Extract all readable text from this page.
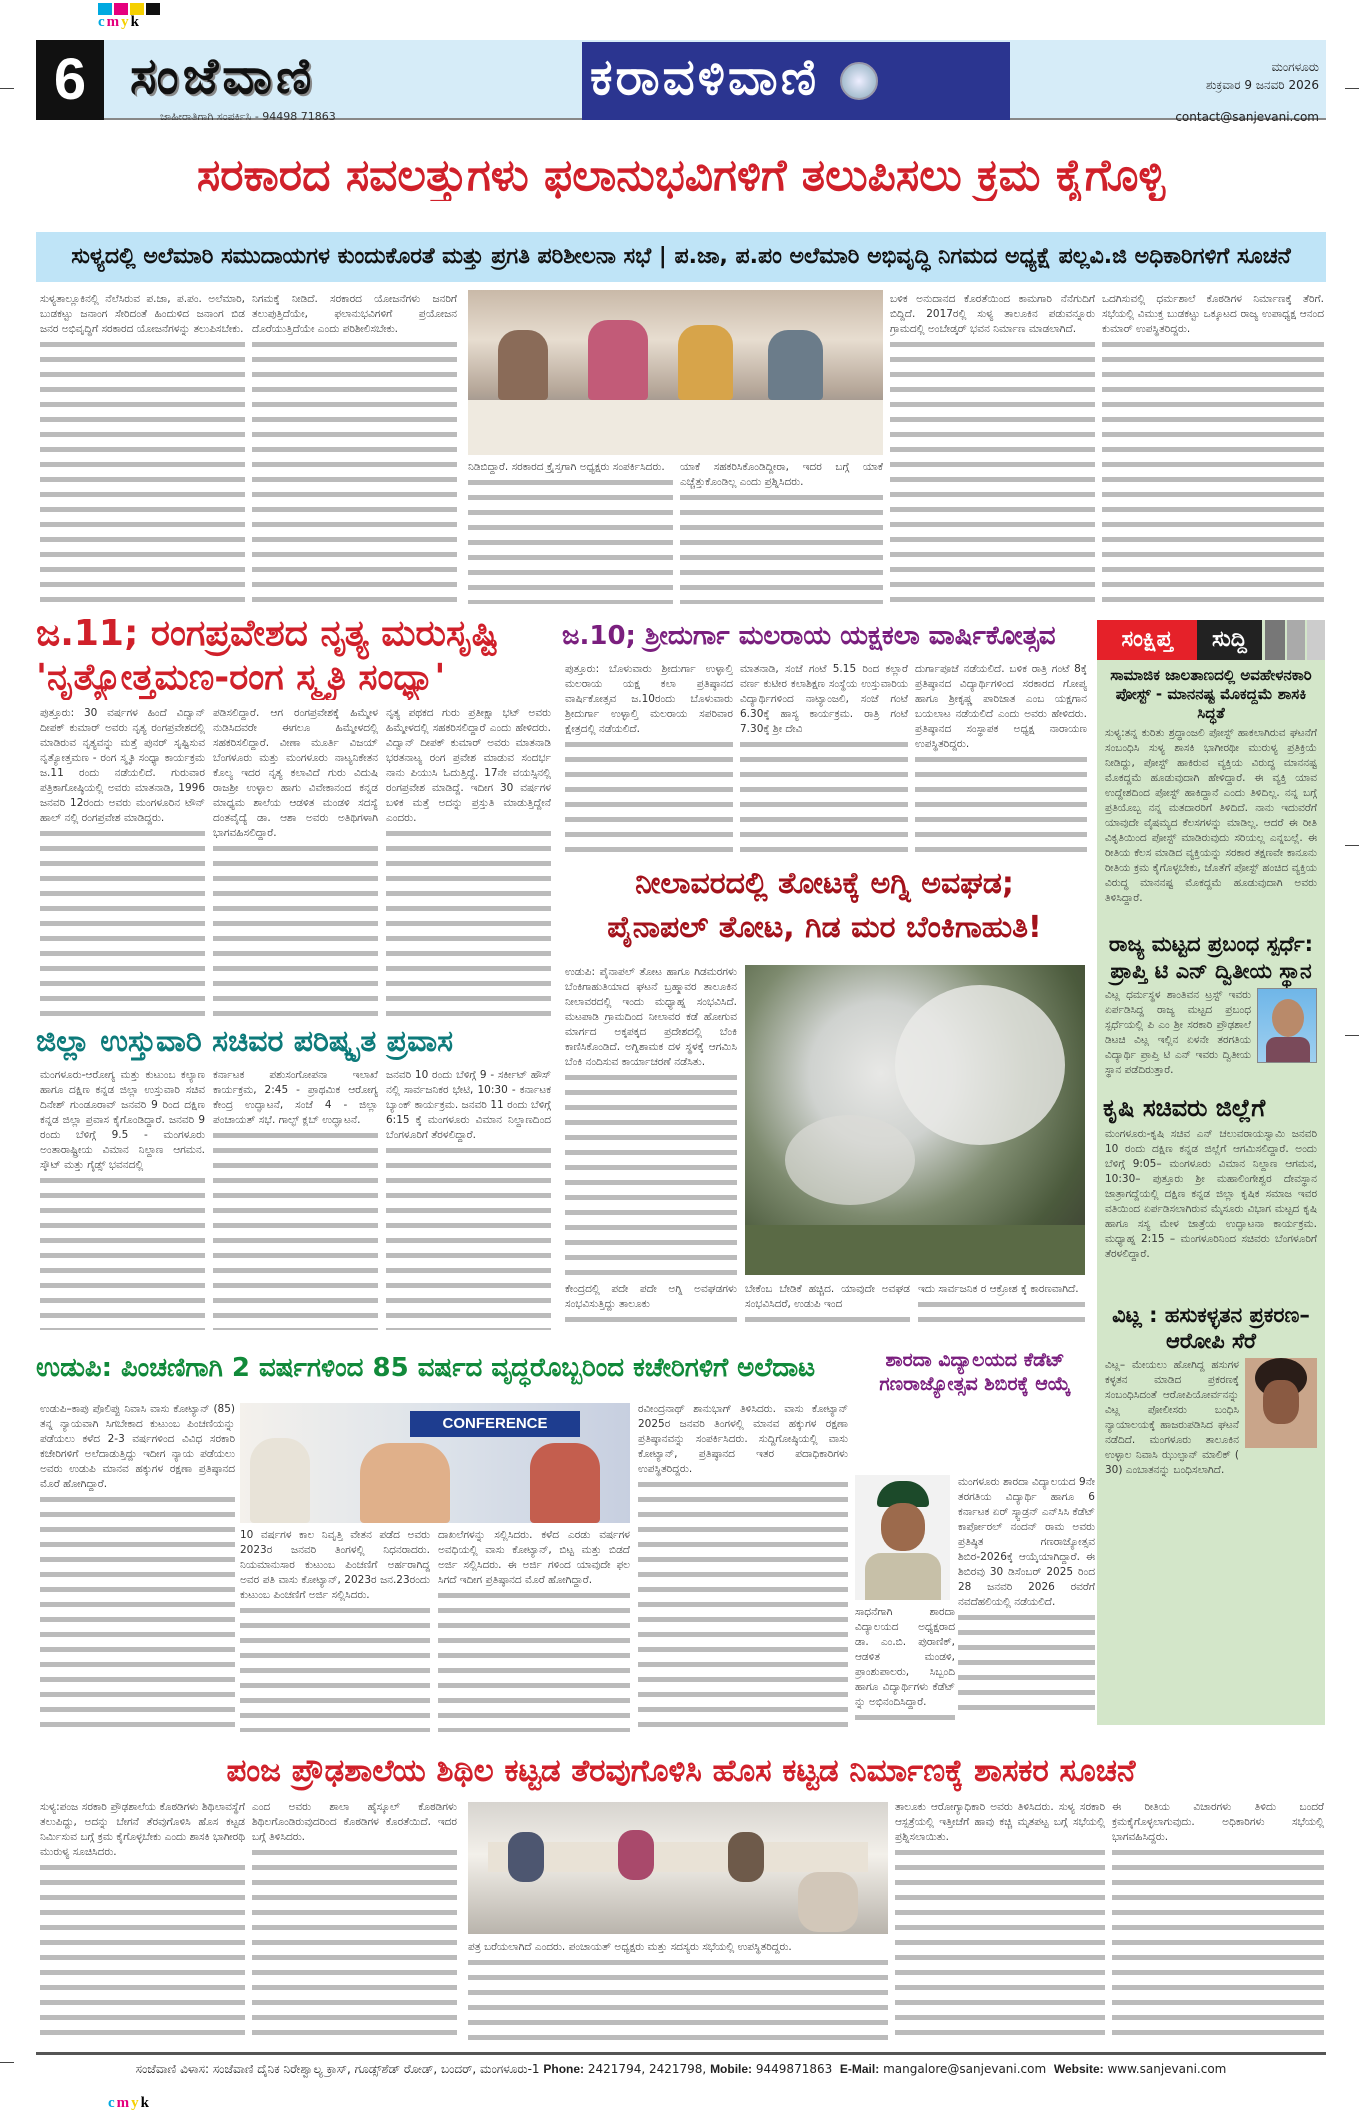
cmyk
cmyk
6 ಸಂಜೆವಾಣಿ
ಜಾಹೀರಾತಿಗಾಗಿ ಸಂಪರ್ಕಿಸಿ - 94498 71863
ಕರಾವಳಿವಾಣಿ	ಮಂಗಳೂರು
ಶುಕ್ರವಾರ 9 ಜನವರಿ 2026
contact@sanjevani.com
ಸರಕಾರದ ಸವಲತ್ತುಗಳು ಫಲಾನುಭವಿಗಳಿಗೆ ತಲುಪಿಸಲು ಕ್ರಮ ಕೈಗೊಳ್ಳಿ
ಸುಳ್ಯದಲ್ಲಿ ಅಲೆಮಾರಿ ಸಮುದಾಯಗಳ ಕುಂದುಕೊರತೆ ಮತ್ತು ಪ್ರಗತಿ ಪರಿಶೀಲನಾ ಸಭೆ | ಪ.ಜಾ, ಪ.ಪಂ ಅಲೆಮಾರಿ ಅಭಿವೃದ್ಧಿ ನಿಗಮದ ಅಧ್ಯಕ್ಷೆ ಪಲ್ಲವಿ.ಜಿ ಅಧಿಕಾರಿಗಳಿಗೆ ಸೂಚನೆ
ಸುಳ್ಯತಾಲ್ಲೂಕಿನಲ್ಲಿ ನೆಲೆಸಿರುವ ಪ.ಜಾ, ಪ.ಪಂ. ಅಲೆಮಾರಿ, ಬುಡಕಟ್ಟು ಜನಾಂಗ ಸೇರಿದಂತೆ ಹಿಂದುಳಿದ ಜನಾಂಗ ಬಿಡ ಜನರ ಅಭಿವೃದ್ಧಿಗೆ ಸರಕಾರದ ಯೋಜನೆಗಳನ್ನು ತಲುಪಿಸಬೇಕು.
ನಿಗಮಕ್ಕೆ ನೀಡಿದೆ. ಸರಕಾರದ ಯೋಜನೆಗಳು ಜನರಿಗೆ ತಲುಪುತ್ತಿದೆಯೇ, ಫಲಾನುಭವಿಗಳಿಗೆ ಪ್ರಯೋಜನ ದೊರೆಯುತ್ತಿದೆಯೇ ಎಂದು ಪರಿಶೀಲಿಸಬೇಕು.
ನಿಡಿಬಿದ್ದಾರೆ. ಸರಕಾರದ ಕ್ರೈಸ್ತಗಾಗಿ ಅಧ್ಯಕ್ಷರು ಸಂಪರ್ಕಿಸಿದರು.	ಯಾಕೆ ಸಹಕರಿಸಿಕೊಂಡಿದ್ದೀರಾ, ಇದರ ಬಗ್ಗೆ ಯಾಕೆ ಎಚ್ಚೆತ್ತುಕೊಂಡಿಲ್ಲ ಎಂದು ಪ್ರಶ್ನಿಸಿದರು.
ಬಳಿಕ ಅನುದಾನದ ಕೊರತೆಯಿಂದ ಕಾಮಗಾರಿ ನೆನೆಗುದಿಗೆ ಬಿದ್ದಿದೆ. 2017ರಲ್ಲಿ ಸುಳ್ಯ ತಾಲೂಕಿನ ಪಡುವನ್ನೂರು ಗ್ರಾಮದಲ್ಲಿ ಅಂಬೇಡ್ಕರ್ ಭವನ ನಿರ್ಮಾಣ ಮಾಡಲಾಗಿದೆ.
ಒದಗಿಸುವಲ್ಲಿ ಧರ್ಮಶಾಲೆ ಕೊಠಡಿಗಳ ನಿರ್ಮಾಣಕ್ಕೆ ತೆರಿಗೆ. ಸಭೆಯಲ್ಲಿ ವಿಮುಕ್ತ ಬುಡಕಟ್ಟು ಒಕ್ಕೂಟದ ರಾಜ್ಯ ಉಪಾಧ್ಯಕ್ಷ ಆನಂದ ಕುಮಾರ್ ಉಪಸ್ಥಿತರಿದ್ದರು.
ಜ.11; ರಂಗಪ್ರವೇಶದ ನೃತ್ಯ ಮರುಸೃಷ್ಟಿ
'ನೃತ್ಯೋತ್ತಮಣ-ರಂಗ ಸ್ಮೃತಿ ಸಂಧ್ಯಾ'
ಪುತ್ತೂರು: 30 ವರ್ಷಗಳ ಹಿಂದೆ ವಿದ್ವಾನ್ ದೀಪಕ್ ಕುಮಾರ್ ಅವರು ನೃತ್ಯ ರಂಗಪ್ರವೇಶದಲ್ಲಿ ಮಾಡಿರುವ ನೃತ್ಯವನ್ನು ಮತ್ತೆ ಪುನರ್ ಸೃಷ್ಟಿಸುವ ನೃತ್ಯೋತ್ತಮಣ - ರಂಗ ಸ್ಮೃತಿ ಸಂಧ್ಯಾ ಕಾರ್ಯಕ್ರಮ ಜ.11 ರಂದು ನಡೆಯಲಿದೆ. ಗುರುವಾರ ಪತ್ರಿಕಾಗೋಷ್ಠಿಯಲ್ಲಿ ಅವರು ಮಾತನಾಡಿ, 1996 ಜನವರಿ 12ರಂದು ಅವರು ಮಂಗಳೂರಿನ ಟೌನ್ ಹಾಲ್ ನಲ್ಲಿ ರಂಗಪ್ರವೇಶ ಮಾಡಿದ್ದರು.
ಪಡಿಸಲಿದ್ದಾರೆ. ಆಗ ರಂಗಪ್ರವೇಶಕ್ಕೆ ಹಿಮ್ಮೇಳ ನುಡಿಸಿದವರೇ ಈಗಲೂ ಹಿಮ್ಮೇಳದಲ್ಲಿ ಸಹಕರಿಸಲಿದ್ದಾರೆ. ವೀಣಾ ಮೂರ್ತಿ ವಿಜಯ್ ಬೆಂಗಳೂರು ಮತ್ತು ಮಂಗಳೂರು ನಾಟ್ಯನಿಕೇತನ ಕೊಲ್ಯ ಇದರ ನೃತ್ಯ ಕಲಾವಿದೆ ಗುರು ವಿದುಷಿ ರಾಜಶ್ರೀ ಉಳ್ಳಾಲ ಹಾಗು ವಿವೇಕಾನಂದ ಕನ್ನಡ ಮಾಧ್ಯಮ ಶಾಲೆಯ ಆಡಳಿತ ಮಂಡಳಿ ಸದಸ್ಯೆ ದಂತವೈದ್ಯೆ ಡಾ. ಆಶಾ ಅವರು ಅತಿಥಿಗಳಾಗಿ ಭಾಗವಹಿಸಲಿದ್ದಾರೆ.
ನೃತ್ಯ ಪಥಕದ ಗುರು ಪ್ರತೀಕ್ಷಾ ಭಟ್ ಅವರು ಹಿಮ್ಮೇಳದಲ್ಲಿ ಸಹಕರಿಸಲಿದ್ದಾರೆ ಎಂದು ಹೇಳಿದರು. ವಿದ್ವಾನ್ ದೀಪಕ್ ಕುಮಾರ್ ಅವರು ಮಾತನಾಡಿ ಭರತನಾಟ್ಯ ರಂಗ ಪ್ರವೇಶ ಮಾಡುವ ಸಂದರ್ಭ ನಾನು ಪಿಯುಸಿ ಓದುತ್ತಿದ್ದೆ. 17ನೇ ವಯಸ್ಸಿನಲ್ಲಿ ರಂಗಪ್ರವೇಶ ಮಾಡಿದ್ದೆ. ಇದೀಗ 30 ವರ್ಷಗಳ ಬಳಿಕ ಮತ್ತೆ ಅದನ್ನು ಪ್ರಸ್ತುತಿ ಮಾಡುತ್ತಿದ್ದೇನೆ ಎಂದರು.
ಜ.10; ಶ್ರೀದುರ್ಗಾ ಮಲರಾಯ ಯಕ್ಷಕಲಾ ವಾರ್ಷಿಕೋತ್ಸವ
ಪುತ್ತೂರು: ಬೊಳುವಾರು ಶ್ರೀದುರ್ಗಾ ಉಳ್ಳಾಲ್ತಿ ಮಲರಾಯ ಯಕ್ಷ ಕಲಾ ಪ್ರತಿಷ್ಠಾನದ ವಾರ್ಷಿಕೋತ್ಸವ ಜ.10ರಂದು ಬೊಳುವಾರು ಶ್ರೀದುರ್ಗಾ ಉಳ್ಳಾಲ್ತಿ ಮಲರಾಯ ಸಪರಿವಾರ ಕ್ಷೇತ್ರದಲ್ಲಿ ನಡೆಯಲಿದೆ.
ಮಾತನಾಡಿ, ಸಂಜೆ ಗಂಟೆ 5.15 ರಿಂದ ಕಲ್ಲಾರೆ ವರ್ಣ ಕುಟೀರ ಕಲಾಶಿಕ್ಷಣ ಸಂಸ್ಥೆಯ ಉಸ್ತುವಾರಿಯ ವಿದ್ಯಾರ್ಥಿಗಳಿಂದ ನಾಟ್ಯಾಂಜಲಿ, ಸಂಜೆ ಗಂಟೆ 6.30ಕ್ಕೆ ಹಾಸ್ಯ ಕಾರ್ಯಕ್ರಮ. ರಾತ್ರಿ ಗಂಟೆ 7.30ಕ್ಕೆ ಶ್ರೀ ದೇವಿ
ದುರ್ಗಾಪೂಜೆ ನಡೆಯಲಿದೆ. ಬಳಿಕ ರಾತ್ರಿ ಗಂಟೆ 8ಕ್ಕೆ ಪ್ರತಿಷ್ಠಾನದ ವಿದ್ಯಾರ್ಥಿಗಳಿಂದ ಸರಕಾರದ ಗೋಪ್ಯ ಹಾಗೂ ಶ್ರೀಕೃಷ್ಣ ಪಾರಿಜಾತ ಎಂಬ ಯಕ್ಷಗಾನ ಬಯಲಾಟ ನಡೆಯಲಿದೆ ಎಂದು ಅವರು ಹೇಳಿದರು. ಪ್ರತಿಷ್ಠಾನದ ಸಂಸ್ಥಾಪಕ ಅಧ್ಯಕ್ಷ ನಾರಾಯಣ ಉಪಸ್ಥಿತರಿದ್ದರು.
ನೀಲಾವರದಲ್ಲಿ ತೋಟಕ್ಕೆ ಅಗ್ನಿ ಅವಘಡ;
ಪೈನಾಪಲ್ ತೋಟ, ಗಿಡ ಮರ ಬೆಂಕಿಗಾಹುತಿ!
ಉಡುಪಿ: ಪೈನಾಪಲ್ ತೋಟ ಹಾಗೂ ಗಿಡಮರಗಳು ಬೆಂಕಿಗಾಹುತಿಯಾದ ಘಟನೆ ಬ್ರಹ್ಮಾವರ ತಾಲೂಕಿನ ನೀಲಾವರದಲ್ಲಿ ಇಂದು ಮಧ್ಯಾಹ್ನ ಸಂಭವಿಸಿದೆ. ಮಟಪಾಡಿ ಗ್ರಾಮದಿಂದ ನೀಲಾವರ ಕಡೆ ಹೋಗುವ ಮಾರ್ಗದ ಅಕ್ಕಪಕ್ಕದ ಪ್ರದೇಶದಲ್ಲಿ ಬೆಂಕಿ ಕಾಣಿಸಿಕೊಂಡಿದೆ. ಅಗ್ನಿಶಾಮಕ ದಳ ಸ್ಥಳಕ್ಕೆ ಆಗಮಿಸಿ ಬೆಂಕಿ ನಂದಿಸುವ ಕಾರ್ಯಾಚರಣೆ ನಡೆಸಿತು.
ಕೇಂದ್ರದಲ್ಲಿ ಪದೇ ಪದೇ ಅಗ್ನಿ ಅವಘಡಗಳು ಸಂಭವಿಸುತ್ತಿದ್ದು ತಾಲೂಕು
ಬೇಕೆಂಬ ಬೇಡಿಕೆ ಹಚ್ಚಿದ. ಯಾವುದೇ ಅವಘಡ ಸಂಭವಿಸಿದರೆ, ಉಡುಪಿ ಇಂದ
ಇದು ಸಾರ್ವಜನಿಕ ರ ಆಕ್ರೋಶ ಕ್ಕೆ ಕಾರಣವಾಗಿದೆ.
ಜಿಲ್ಲಾ ಉಸ್ತುವಾರಿ ಸಚಿವರ ಪರಿಷ್ಕೃತ ಪ್ರವಾಸ
ಮಂಗಳೂರು-ಆರೋಗ್ಯ ಮತ್ತು ಕುಟುಂಬ ಕಲ್ಯಾಣ ಹಾಗೂ ದಕ್ಷಿಣ ಕನ್ನಡ ಜಿಲ್ಲಾ ಉಸ್ತುವಾರಿ ಸಚಿವ ದಿನೇಶ್ ಗುಂಡೂರಾವ್ ಜನವರಿ 9 ರಿಂದ ದಕ್ಷಿಣ ಕನ್ನಡ ಜಿಲ್ಲಾ ಪ್ರವಾಸ ಕೈಗೊಂಡಿದ್ದಾರೆ. ಜನವರಿ 9 ರಂದು ಬೆಳಿಗ್ಗೆ 9.5 - ಮಂಗಳೂರು ಅಂತಾರಾಷ್ಟ್ರೀಯ ವಿಮಾನ ನಿಲ್ದಾಣ ಆಗಮನ. ಸ್ಕೌಟ್ ಮತ್ತು ಗೈಡ್ಸ್ ಭವನದಲ್ಲಿ
ಕರ್ನಾಟಕ ಪಶುಸಂಗೋಪನಾ ಇಲಾಖೆ ಕಾರ್ಯಕ್ರಮ, 2:45 - ಪ್ರಾಥಮಿಕ ಆರೋಗ್ಯ ಕೇಂದ್ರ ಉದ್ಘಾಟನೆ, ಸಂಜೆ 4 - ಜಿಲ್ಲಾ ಪಂಚಾಯತ್ ಸಭೆ. ಗಾಲ್ಫ್ ಕ್ಲಬ್ ಉದ್ಘಾಟನೆ.
ಜನವರಿ 10 ರಂದು ಬೆಳಿಗ್ಗೆ 9 - ಸರ್ಕೀಟ್ ಹೌಸ್ ನಲ್ಲಿ ಸಾರ್ವಜನಿಕರ ಭೇಟಿ, 10:30 - ಕರ್ನಾಟಕ ಬ್ಯಾಂಕ್ ಕಾರ್ಯಕ್ರಮ. ಜನವರಿ 11 ರಂದು ಬೆಳಿಗ್ಗೆ 6:15 ಕ್ಕೆ ಮಂಗಳೂರು ವಿಮಾನ ನಿಲ್ದಾಣದಿಂದ ಬೆಂಗಳೂರಿಗೆ ತೆರಳಲಿದ್ದಾರೆ.
ಸಂಕ್ಷಿಪ್ತ	ಸುದ್ದಿ
ಸಾಮಾಜಿಕ ಜಾಲತಾಣದಲ್ಲಿ ಅವಹೇಳನಕಾರಿ ಪೋಸ್ಟ್ - ಮಾನನಷ್ಟ ಮೊಕದ್ದಮೆ ಶಾಸಕಿ ಸಿದ್ಧತೆ
ಸುಳ್ಯ:ತನ್ನ ಕುರಿತು ಶ್ರದ್ಧಾಂಜಲಿ ಪೋಸ್ಟ್ ಹಾಕಲಾಗಿರುವ ಘಟನೆಗೆ ಸಂಬಂಧಿಸಿ ಸುಳ್ಯ ಶಾಸಕಿ ಭಾಗೀರಥೀ ಮುರುಳ್ಯ ಪ್ರತಿಕ್ರಿಯೆ ನೀಡಿದ್ದು, ಪೋಸ್ಟ್ ಹಾಕಿರುವ ವ್ಯಕ್ತಿಯ ವಿರುದ್ಧ ಮಾನನಷ್ಟ ಮೊಕದ್ದಮೆ ಹೂಡುವುದಾಗಿ ಹೇಳಿದ್ದಾರೆ. ಈ ವ್ಯಕ್ತಿ ಯಾವ ಉದ್ದೇಶದಿಂದ ಪೋಸ್ಟ್ ಹಾಕಿದ್ದಾನೆ ಎಂದು ತಿಳಿದಿಲ್ಲ. ನನ್ನ ಬಗ್ಗೆ ಪ್ರತಿಯೊಬ್ಬ ನನ್ನ ಮತದಾರರಿಗೆ ತಿಳಿದಿದೆ. ನಾನು ಇದುವರೆಗೆ ಯಾವುದೇ ವೈಷಮ್ಯದ ಕೆಲಸಗಳನ್ನು ಮಾಡಿಲ್ಲ. ಆದರೆ ಈ ರೀತಿ ವಿಕೃತಿಯಿಂದ ಪೋಸ್ಟ್ ಮಾಡಿರುವುದು ಸರಿಯಲ್ಲ ಎನ್ನಬಲ್ಲೆ. ಈ ರೀತಿಯ ಕೆಲಸ ಮಾಡಿದ ವ್ಯಕ್ತಿಯನ್ನು ಸರಕಾರ ತಕ್ಷಣವೇ ಕಾನೂನು ರೀತಿಯ ಕ್ರಮ ಕೈಗೊಳ್ಳಬೇಕು, ಜೊತೆಗೆ ಪೋಸ್ಟ್ ಹಂಚಿದ ವ್ಯಕ್ತಿಯ ವಿರುದ್ಧ ಮಾನನಷ್ಟ ಮೊಕದ್ದಮೆ ಹೂಡುವುದಾಗಿ ಅವರು ತಿಳಿಸಿದ್ದಾರೆ.
ರಾಜ್ಯ ಮಟ್ಟದ ಪ್ರಬಂಧ ಸ್ಪರ್ಧೆ: ಪ್ರಾಪ್ತಿ ಟಿ ಎನ್ ದ್ವಿತೀಯ ಸ್ಥಾನ
ವಿಟ್ಲ ಧರ್ಮಸ್ಥಳ ಶಾಂತಿವನ ಟ್ರಸ್ಟ್ ಇವರು ಏರ್ಪಡಿಸಿದ್ದ ರಾಜ್ಯ ಮಟ್ಟದ ಪ್ರಬಂಧ ಸ್ಪರ್ಧೆಯಲ್ಲಿ ಪಿ ಎಂ ಶ್ರೀ ಸರಕಾರಿ ಪ್ರೌಢಶಾಲೆ ಡಿಟಚಿ ವಿಟ್ಲ ಇಲ್ಲಿನ ಏಳನೇ ತರಗತಿಯ ವಿದ್ಯಾರ್ಥಿ ಪ್ರಾಪ್ತಿ ಟಿ ಎನ್ ಇವರು ದ್ವಿತೀಯ ಸ್ಥಾನ ಪಡೆದಿರುತ್ತಾರೆ.
ಕೃಷಿ ಸಚಿವರು ಜಿಲ್ಲೆಗೆ
ಮಂಗಳೂರು-ಕೃಷಿ ಸಚಿವ ಎನ್ ಚಲುವರಾಯಸ್ವಾಮಿ ಜನವರಿ 10 ರಂದು ದಕ್ಷಿಣ ಕನ್ನಡ ಜಿಲ್ಲೆಗೆ ಆಗಮಿಸಲಿದ್ದಾರೆ. ಅಂದು ಬೆಳಿಗ್ಗೆ 9:05– ಮಂಗಳೂರು ವಿಮಾನ ನಿಲ್ದಾಣ ಆಗಮನ, 10:30– ಪುತ್ತೂರು ಶ್ರೀ ಮಹಾಲಿಂಗೇಶ್ವರ ದೇವಸ್ಥಾನ ಜಾತ್ರಾಗದ್ದೆಯಲ್ಲಿ ದಕ್ಷಿಣ ಕನ್ನಡ ಜಿಲ್ಲಾ ಕೃಷಿಕ ಸಮಾಜ ಇವರ ವತಿಯಿಂದ ಏರ್ಪಡಿಸಲಾಗಿರುವ ಮೈಸೂರು ವಿಭಾಗ ಮಟ್ಟದ ಕೃಷಿ ಹಾಗೂ ಸಸ್ಯ ಮೇಳ ಜಾತ್ರೆಯ ಉದ್ಘಾಟನಾ ಕಾರ್ಯಕ್ರಮ. ಮಧ್ಯಾಹ್ನ 2:15 – ಮಂಗಳೂರಿನಿಂದ ಸಚಿವರು ಬೆಂಗಳೂರಿಗೆ ತೆರಳಲಿದ್ದಾರೆ.
ವಿಟ್ಲ : ಹಸುಕಳ್ಳತನ ಪ್ರಕರಣ–ಆರೋಪಿ ಸೆರೆ
ವಿಟ್ಲ– ಮೇಯಲು ಹೋಗಿದ್ದ ಹಸುಗಳ ಕಳ್ಳತನ ಮಾಡಿದ ಪ್ರಕರಣಕ್ಕೆ ಸಂಬಂಧಿಸಿದಂತೆ ಆರೋಪಿಯೋರ್ವನನ್ನು ವಿಟ್ಲ ಪೋಲೀಸರು ಬಂಧಿಸಿ ನ್ಯಾಯಾಲಯಕ್ಕೆ ಹಾಜರುಪಡಿಸಿದ ಘಟನೆ ನಡೆದಿದೆ. ಮಂಗಳೂರು ತಾಲೂಕಿನ ಉಳ್ಳಾಲ ನಿವಾಸಿ ಝುಲ್ಫಾನ್ ಮಾಲಿಕ್ ( 30) ಎಂಬಾತನನ್ನು ಬಂಧಿಸಲಾಗಿದೆ.
ಉಡುಪಿ: ಪಿಂಚಣಿಗಾಗಿ 2 ವರ್ಷಗಳಿಂದ 85 ವರ್ಷದ ವೃದ್ಧರೊಬ್ಬರಿಂದ ಕಚೇರಿಗಳಿಗೆ ಅಲೆದಾಟ
ಉಡುಪಿ–ಕಾಪು ಪೊಲಿಪ್ಪು ನಿವಾಸಿ ವಾಸು ಕೋಟ್ಯಾನ್ (85) ತನ್ನ ನ್ಯಾಯವಾಗಿ ಸಿಗಬೇಕಾದ ಕುಟುಂಬ ಪಿಂಚಣಿಯನ್ನು ಪಡೆಯಲು ಕಳೆದ 2-3 ವರ್ಷಗಳಿಂದ ವಿವಿಧ ಸರಕಾರಿ ಕಚೇರಿಗಳಿಗೆ ಅಲೆದಾಡುತ್ತಿದ್ದು ಇದೀಗ ನ್ಯಾಯ ಪಡೆಯಲು ಅವರು ಉಡುಪಿ ಮಾನವ ಹಕ್ಕುಗಳ ರಕ್ಷಣಾ ಪ್ರತಿಷ್ಠಾನದ ಮೊರೆ ಹೋಗಿದ್ದಾರೆ.
CONFERENCE
10 ವರ್ಷಗಳ ಕಾಲ ನಿವೃತ್ತಿ ವೇತನ ಪಡೆದ ಅವರು 2023ರ ಜನವರಿ ತಿಂಗಳಲ್ಲಿ ನಿಧನರಾದರು. ನಿಯಮಾನುಸಾರ ಕುಟುಂಬ ಪಿಂಚಣಿಗೆ ಅರ್ಹರಾಗಿದ್ದ ಅವರ ಪತಿ ವಾಸು ಕೋಟ್ಯಾನ್, 2023ರ ಜನ.23ರಂದು ಕುಟುಂಬ ಪಿಂಚಣಿಗೆ ಅರ್ಜಿ ಸಲ್ಲಿಸಿದರು.
ದಾಖಲೆಗಳನ್ನು ಸಲ್ಲಿಸಿದರು. ಕಳೆದ ಎರಡು ವರ್ಷಗಳ ಅವಧಿಯಲ್ಲಿ ವಾಸು ಕೋಟ್ಯಾನ್, ಬಿಟ್ಟ ಮತ್ತು ಬಿಡದೆ ಅರ್ಜಿ ಸಲ್ಲಿಸಿದರು. ಈ ಅರ್ಜಿ ಗಳಿಂದ ಯಾವುದೇ ಫಲ ಸಿಗದೆ ಇದೀಗ ಪ್ರತಿಷ್ಠಾನದ ಮೊರೆ ಹೋಗಿದ್ದಾರೆ.
ರವೀಂದ್ರನಾಥ್ ಶಾನುಭಾಗ್ ತಿಳಿಸಿದರು. ವಾಸು ಕೋಟ್ಯಾನ್ 2025ರ ಜನವರಿ ತಿಂಗಳಲ್ಲಿ ಮಾನವ ಹಕ್ಕುಗಳ ರಕ್ಷಣಾ ಪ್ರತಿಷ್ಠಾನವನ್ನು ಸಂಪರ್ಕಿಸಿದರು. ಸುದ್ದಿಗೋಷ್ಠಿಯಲ್ಲಿ ವಾಸು ಕೋಟ್ಯಾನ್, ಪ್ರತಿಷ್ಠಾನದ ಇತರ ಪದಾಧಿಕಾರಿಗಳು ಉಪಸ್ಥಿತರಿದ್ದರು.
ಶಾರದಾ ವಿದ್ಯಾಲಯದ ಕೆಡೆಟ್ ಗಣರಾಜ್ಯೋತ್ಸವ ಶಿಬಿರಕ್ಕೆ ಆಯ್ಕೆ
ಮಂಗಳೂರು ಶಾರದಾ ವಿದ್ಯಾಲಯದ 9ನೇ ತರಗತಿಯ ವಿದ್ಯಾರ್ಥಿ ಹಾಗೂ 6 ಕರ್ನಾಟಕ ಏರ್ ಸ್ಕ್ವಾಡ್ರನ್ ಎನ್‌ಸಿಸಿ ಕೆಡೆಟ್ ಕಾರ್ಪೋರಲ್ ನಂದನ್ ರಾಮ ಅವರು ಪ್ರತಿಷ್ಠಿತ ಗಣರಾಜ್ಯೋತ್ಸವ ಶಿಬಿರ-2026ಕ್ಕೆ ಆಯ್ಕೆಯಾಗಿದ್ದಾರೆ. ಈ ಶಿಬಿರವು 30 ಡಿಸೆಂಬರ್ 2025 ರಿಂದ 28 ಜನವರಿ 2026 ರವರೆಗೆ ನವದೆಹಲಿಯಲ್ಲಿ ನಡೆಯಲಿದೆ.
ಸಾಧನೆಗಾಗಿ ಶಾರದಾ ವಿದ್ಯಾಲಯದ ಅಧ್ಯಕ್ಷರಾದ ಡಾ. ಎಂ.ಬಿ. ಪುರಾಣಿಕ್, ಆಡಳಿತ ಮಂಡಳಿ, ಪ್ರಾಂಶುಪಾಲರು, ಸಿಬ್ಬಂದಿ ಹಾಗೂ ವಿದ್ಯಾರ್ಥಿಗಳು ಕೆಡೆಟ್ ನ್ನು ಅಭಿನಂದಿಸಿದ್ದಾರೆ.
ಪಂಜ ಪ್ರೌಢಶಾಲೆಯ ಶಿಥಿಲ ಕಟ್ಟಡ ತೆರವುಗೊಳಿಸಿ ಹೊಸ ಕಟ್ಟಡ ನಿರ್ಮಾಣಕ್ಕೆ ಶಾಸಕರ ಸೂಚನೆ
ಸುಳ್ಯ:ಪಂಜ ಸರಕಾರಿ ಪ್ರೌಢಶಾಲೆಯ ಕೊಠಡಿಗಳು ಶಿಥಿಲಾವಸ್ಥೆಗೆ ತಲುಪಿದ್ದು, ಅದನ್ನು ಬೇಗನೆ ತೆರವುಗೊಳಿಸಿ ಹೊಸ ಕಟ್ಟಡ ನಿರ್ಮಿಸುವ ಬಗ್ಗೆ ಕ್ರಮ ಕೈಗೊಳ್ಳಬೇಕು ಎಂದು ಶಾಸಕಿ ಭಾಗೀರಥಿ ಮುರುಳ್ಯ ಸೂಚಿಸಿದರು.
ಎಂದ ಅವರು ಶಾಲಾ ಹೈಸ್ಕೂಲ್ ಕೊಠಡಿಗಳು ಶಿಥಿಲಗೊಂಡಿರುವುದರಿಂದ ಕೊಠಡಿಗಳ ಕೊರತೆಯಿದೆ. ಇದರ ಬಗ್ಗೆ ತಿಳಿಸಿದರು.
ಪತ್ರ ಬರೆಯಲಾಗಿದೆ ಎಂದರು. ಪಂಚಾಯತ್ ಅಧ್ಯಕ್ಷರು ಮತ್ತು ಸದಸ್ಯರು ಸಭೆಯಲ್ಲಿ ಉಪಸ್ಥಿತರಿದ್ದರು.
ತಾಲೂಕು ಆರೋಗ್ಯಾಧಿಕಾರಿ ಅವರು ತಿಳಿಸಿದರು. ಸುಳ್ಯ ಸರಕಾರಿ ಆಸ್ಪತ್ರೆಯಲ್ಲಿ ಇತ್ತೀಚೆಗೆ ಹಾವು ಕಚ್ಚಿ ಮೃತಪಟ್ಟ ಬಗ್ಗೆ ಸಭೆಯಲ್ಲಿ ಪ್ರಶ್ನಿಸಲಾಯಿತು.
ಈ ರೀತಿಯ ವಿಚಾರಗಳು ತಿಳಿದು ಬಂದರೆ ಕ್ರಮಕೈಗೊಳ್ಳಲಾಗುವುದು. ಅಧಿಕಾರಿಗಳು ಸಭೆಯಲ್ಲಿ ಭಾಗವಹಿಸಿದ್ದರು.
ಸಂಜೆವಾಣಿ ವಿಳಾಸ: ಸಂಜೆವಾಣಿ ದೈನಿಕ ನಿರೇಶ್ವಾಲ್ಯ ಕ್ರಾಸ್, ಗೂಡ್ಸ್‌ಶೆಡ್ ರೋಡ್, ಬಂದರ್, ಮಂಗಳೂರು-1 Phone: 2421794, 2421798, Mobile: 9449871863 E-Mail: mangalore@sanjevani.com Website: www.sanjevani.com
